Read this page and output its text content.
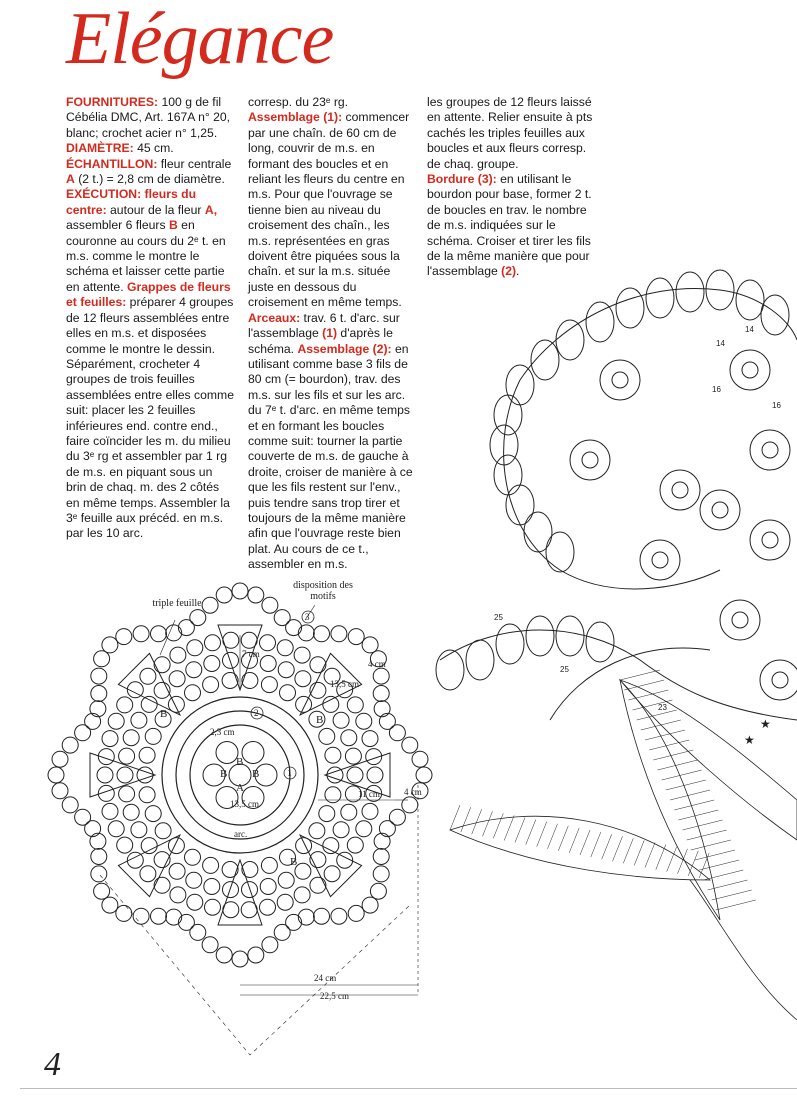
Elégance

FOURNITURES: 100 g de fil Cébélia DMC, Art. 167A n° 20, blanc; crochet acier n° 1,25.

DIAMÈTRE: 45 cm.

ÉCHANTILLON: fleur centrale A (2 t.) = 2,8 cm de diamètre.

EXÉCUTION: fleurs du centre: autour de la fleur A, assembler 6 fleurs B en couronne au cours du 2ᵉ t. en m.s. comme le montre le schéma et laisser cette partie en attente. Grappes de fleurs et feuilles: préparer 4 groupes de 12 fleurs assemblées entre elles en m.s. et disposées comme le montre le dessin. Séparément, crocheter 4 groupes de trois feuilles assemblées entre elles comme suit: placer les 2 feuilles inférieures end. contre end., faire coïncider les m. du milieu du 3ᵉ rg et assembler par 1 rg de m.s. en piquant sous un brin de chaq. m. des 2 côtés en même temps. Assembler la 3ᵉ feuille aux précéd. en m.s. par les 10 arc.

corresp. du 23ᵉ rg. Assemblage (1): commencer par une chaîn. de 60 cm de long, couvrir de m.s. en formant des boucles et en reliant les fleurs du centre en m.s. Pour que l'ouvrage se tienne bien au niveau du croisement des chaîn., les m.s. représentées en gras doivent être piquées sous la chaîn. et sur la m.s. située juste en dessous du croisement en même temps.

Arceaux: trav. 6 t. d'arc. sur l'assemblage (1) d'après le schéma. Assemblage (2): en utilisant comme base 3 fils de 80 cm (= bourdon), trav. des m.s. sur les fils et sur les arc. du 7ᵉ t. d'arc. en même temps et en formant les boucles comme suit: tourner la partie couverte de m.s. de gauche à droite, croiser de manière à ce que les fils restent sur l'env., puis tendre sans trop tirer et toujours de la même manière afin que l'ouvrage reste bien plat. Au cours de ce t., assembler en m.s.

les groupes de 12 fleurs laissé en attente. Relier ensuite à pts cachés les triples feuilles aux boucles et aux fleurs corresp. de chaq. groupe.

Bordure (3): en utilisant le bourdon pour base, former 2 t. de boucles en trav. le nombre de m.s. indiquées sur le schéma. Croiser et tirer les fils de la même manière que pour l'assemblage (2).

B	B
B
B
B B
A
1
2
3
7 cm
4 cm
4 cm
11 cm
2,3 cm
13,5 cm
13,5 cm
arc.
24 cm
22,5 cm
triple feuille
disposition des motifs
14
14
16
16
25
25
23
★
★
4
